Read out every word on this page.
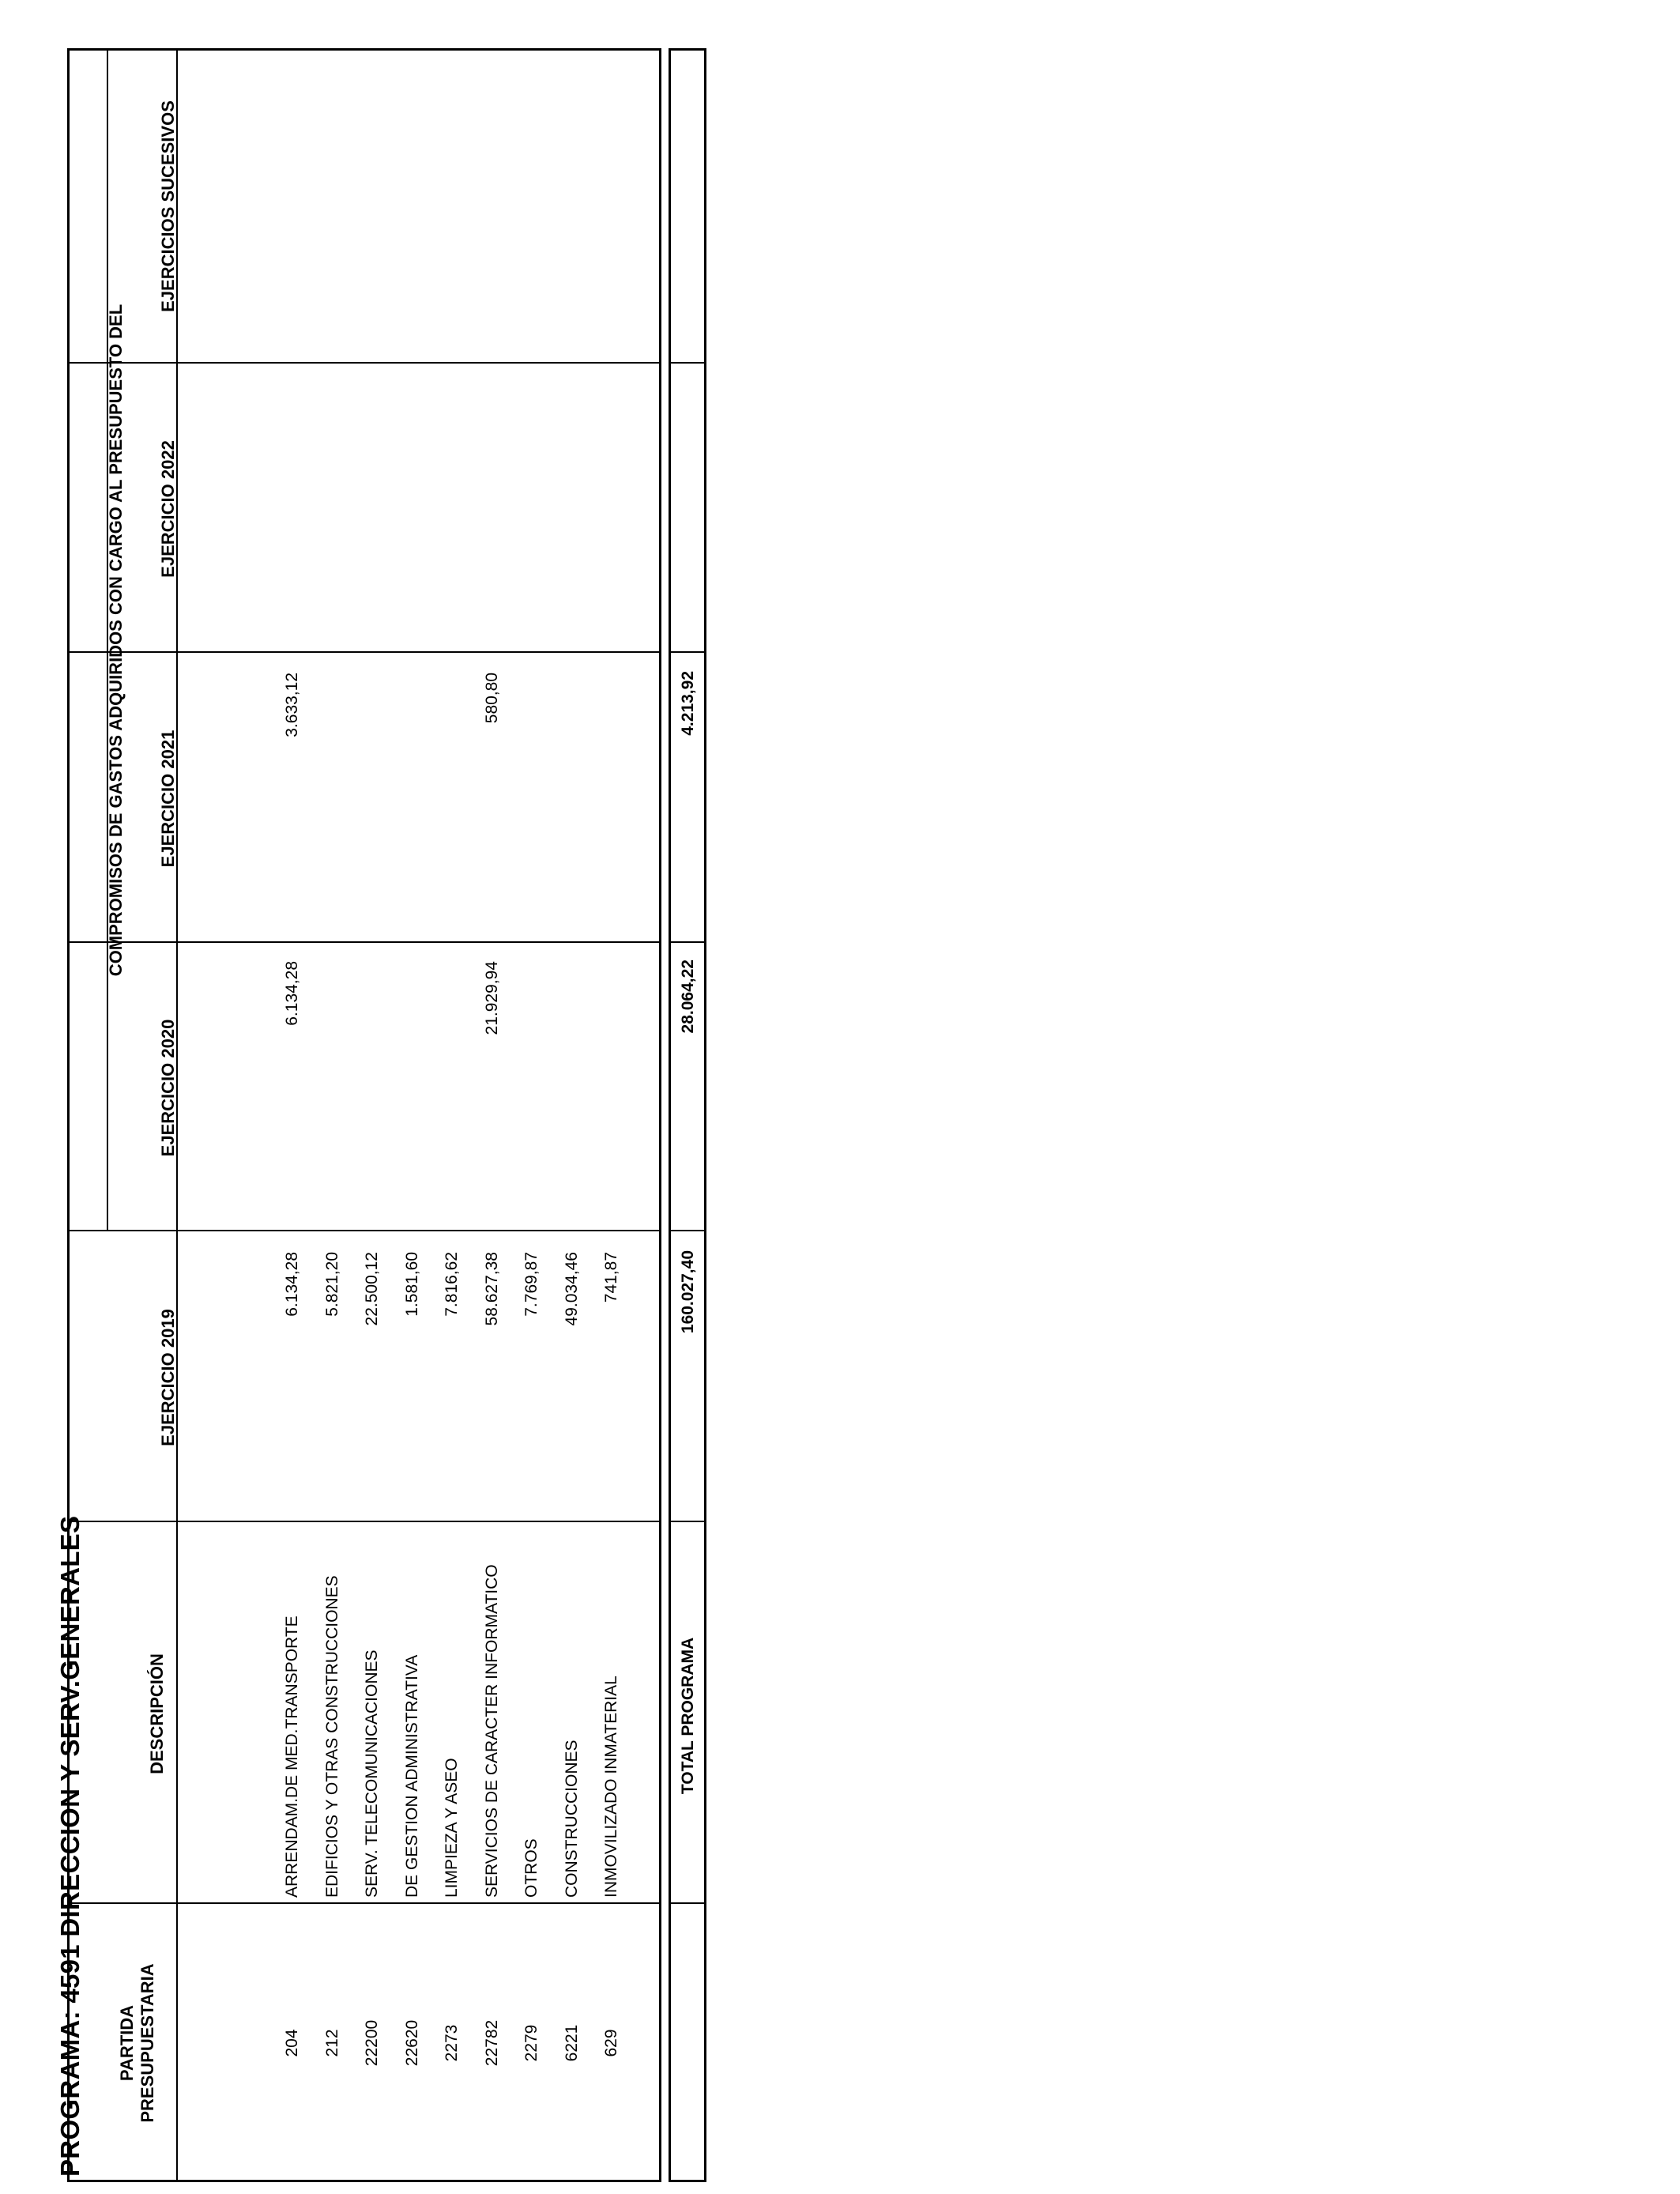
PROGRAMA: 4591 DIRECCION Y SERV.GENERALES PARTIDA PRESUPUESTARIA
DESCRIPCIÓN
COMPROMISOS DE GASTOS ADQUIRIDOS CON CARGO AL PRESUPUESTO DEL
EJERCICIO 2019
EJERCICIO 2020
EJERCICIO 2021
EJERCICIO 2022
EJERCICIOS SUCESIVOS
204
ARRENDAM.DE MED.TRANSPORTE
6.134,28
6.134,28
3.633,12
212
EDIFICIOS Y OTRAS CONSTRUCCIONES
5.821,20
22200
SERV. TELECOMUNICACIONES
22.500,12
22620
DE GESTION ADMINISTRATIVA
1.581,60
2273
LIMPIEZA Y ASEO
7.816,62
22782
SERVICIOS DE CARACTER INFORMATICO
58.627,38
21.929,94
580,80
2279
OTROS
7.769,87
6221
CONSTRUCCIONES
49.034,46
629
INMOVILIZADO INMATERIAL
741,87
TOTAL PROGRAMA
160.027,40
28.064,22
4.213,92
